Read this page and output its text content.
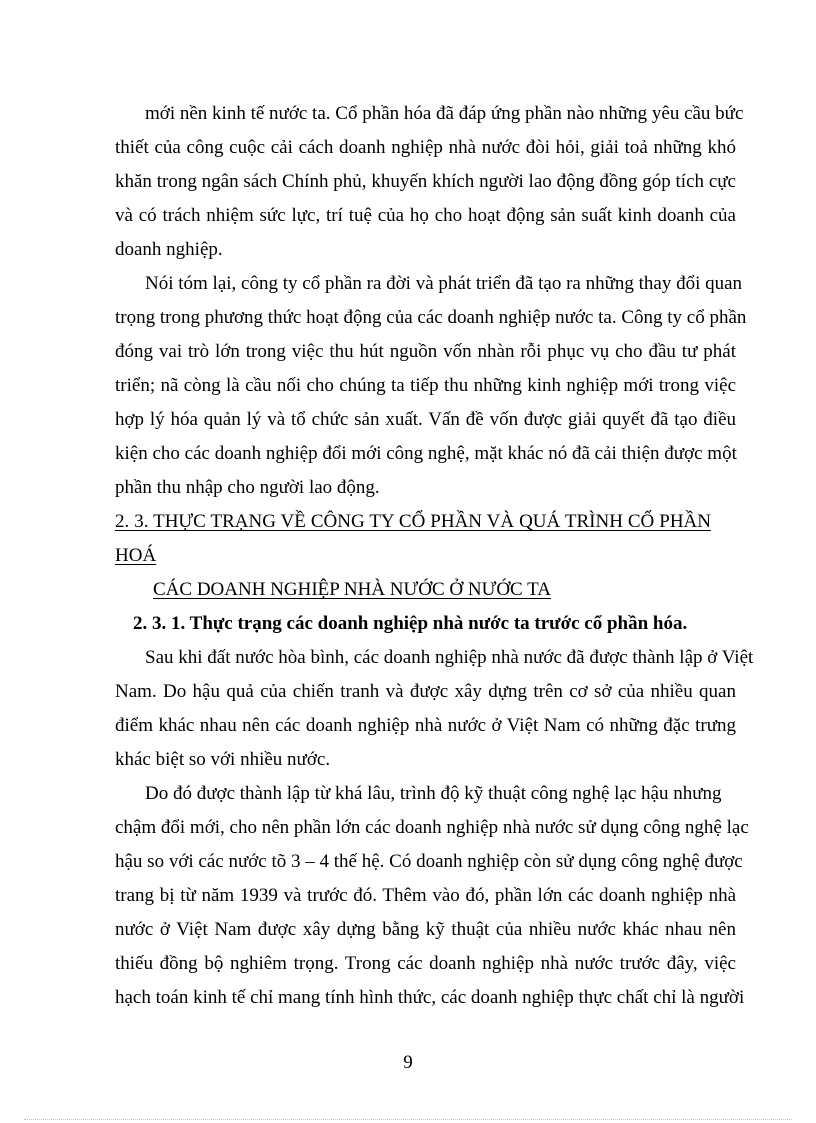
mới nền kinh tế nước ta. Cổ phần hóa đã đáp ứng phần nào những yêu cầu bức
thiết của công cuộc cải cách doanh nghiệp nhà nước đòi hỏi, giải toả những khó
khăn trong ngân sách Chính phủ, khuyến khích người lao động đồng góp tích cực
và có trách nhiệm sức lực, trí tuệ của họ cho hoạt động sản suất kinh doanh của
doanh nghiệp.
Nói tóm lại, công ty cổ phần ra đời và phát triển đã tạo ra những thay đổi quan
trọng trong phương thức hoạt động của các doanh nghiệp nước ta. Công ty cổ phần
đóng vai trò lớn trong việc thu hút nguồn vốn nhàn rỗi phục vụ cho đầu tư phát
triển; nã còng là cầu nối cho chúng ta tiếp thu những kinh nghiệp mới trong việc
hợp lý hóa quản lý và tổ chức sản xuất. Vấn đề vốn được giải quyết đã tạo điều
kiện cho các doanh nghiệp đổi mới công nghệ, mặt khác nó đã cải thiện được một
phần thu nhập cho người lao động.
2. 3. THỰC TRẠNG VỀ CÔNG TY CỔ PHẦN VÀ QUÁ TRÌNH CỔ PHẦN
HOÁ
CÁC DOANH NGHIỆP NHÀ NƯỚC Ở NƯỚC TA
2. 3. 1. Thực trạng các doanh nghiệp nhà nước ta trước cổ phần hóa.
Sau khi đất nước hòa bình, các doanh nghiệp nhà nước đã được thành lập ở Việt
Nam. Do hậu quả của chiến tranh và được xây dựng trên cơ sở của nhiều quan
điểm khác nhau nên các doanh nghiệp nhà nước ở Việt Nam có những đặc trưng
khác biệt so với nhiều nước.
Do đó được thành lập từ khá lâu, trình độ kỹ thuật công nghệ lạc hậu nhưng
chậm đổi mới, cho nên phần lớn các doanh nghiệp nhà nước sử dụng công nghệ lạc
hậu so với các nước tõ 3 – 4 thế hệ. Có doanh nghiệp còn sử dụng công nghệ được
trang bị từ năm 1939 và trước đó. Thêm vào đó, phần lớn các doanh nghiệp nhà
nước ở Việt Nam được xây dựng bằng kỹ thuật của nhiều nước khác nhau nên
thiếu đồng bộ nghiêm trọng. Trong các doanh nghiệp nhà nước trước đây, việc
hạch toán kinh tế chỉ mang tính hình thức, các doanh nghiệp thực chất chỉ là người
9
